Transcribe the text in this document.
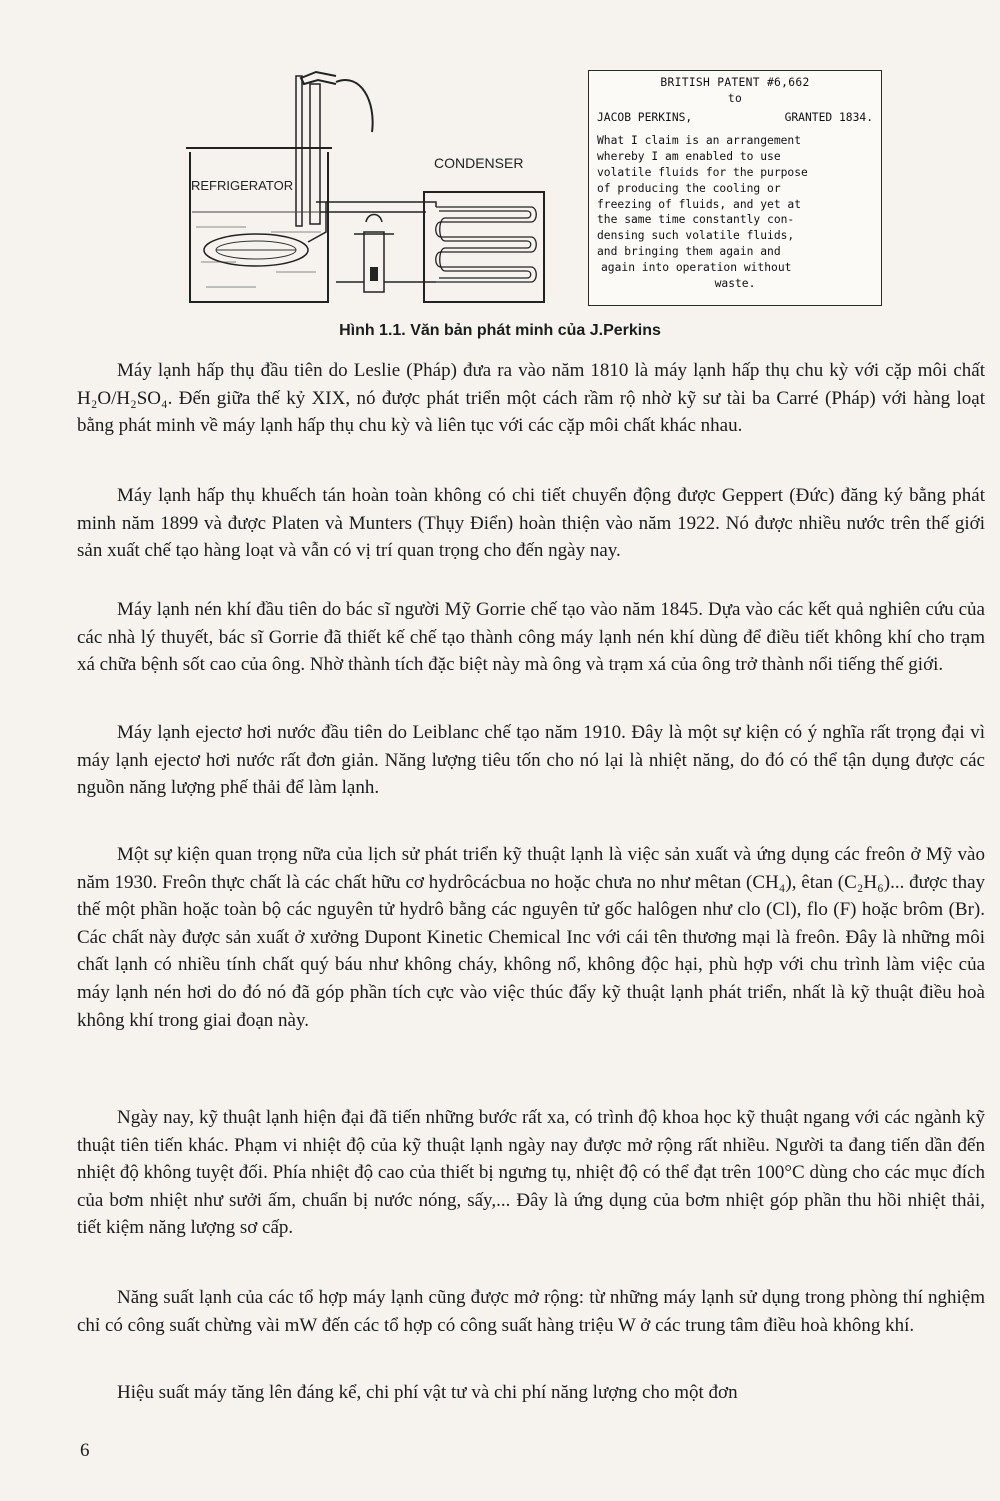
REFRIGERATOR
CONDENSER
BRITISH PATENT #6,662
to
JACOB PERKINS,	GRANTED 1834.
What I claim is an arrangement
whereby I am enabled to use
volatile fluids for the purpose
of producing the cooling or
freezing of fluids, and yet at
the same time constantly con-
densing such volatile fluids,
and bringing them again and
again into operation without
waste.
Hình 1.1. Văn bản phát minh của J.Perkins

Máy lạnh hấp thụ đầu tiên do Leslie (Pháp) đưa ra vào năm 1810 là máy lạnh hấp thụ chu kỳ với cặp môi chất H₂O/H₂SO₄. Đến giữa thế kỷ XIX, nó được phát triển một cách rầm rộ nhờ kỹ sư tài ba Carré (Pháp) với hàng loạt bằng phát minh về máy lạnh hấp thụ chu kỳ và liên tục với các cặp môi chất khác nhau.

Máy lạnh hấp thụ khuếch tán hoàn toàn không có chi tiết chuyển động được Geppert (Đức) đăng ký bằng phát minh năm 1899 và được Platen và Munters (Thụy Điển) hoàn thiện vào năm 1922. Nó được nhiều nước trên thế giới sản xuất chế tạo hàng loạt và vẫn có vị trí quan trọng cho đến ngày nay.

Máy lạnh nén khí đầu tiên do bác sĩ người Mỹ Gorrie chế tạo vào năm 1845. Dựa vào các kết quả nghiên cứu của các nhà lý thuyết, bác sĩ Gorrie đã thiết kế chế tạo thành công máy lạnh nén khí dùng để điều tiết không khí cho trạm xá chữa bệnh sốt cao của ông. Nhờ thành tích đặc biệt này mà ông và trạm xá của ông trở thành nổi tiếng thế giới.

Máy lạnh ejectơ hơi nước đầu tiên do Leiblanc chế tạo năm 1910. Đây là một sự kiện có ý nghĩa rất trọng đại vì máy lạnh ejectơ hơi nước rất đơn giản. Năng lượng tiêu tốn cho nó lại là nhiệt năng, do đó có thể tận dụng được các nguồn năng lượng phế thải để làm lạnh.

Một sự kiện quan trọng nữa của lịch sử phát triển kỹ thuật lạnh là việc sản xuất và ứng dụng các freôn ở Mỹ vào năm 1930. Freôn thực chất là các chất hữu cơ hydrôcácbua no hoặc chưa no như mêtan (CH₄), êtan (C₂H₆)... được thay thế một phần hoặc toàn bộ các nguyên tử hydrô bằng các nguyên tử gốc halôgen như clo (Cl), flo (F) hoặc brôm (Br). Các chất này được sản xuất ở xưởng Dupont Kinetic Chemical Inc với cái tên thương mại là freôn. Đây là những môi chất lạnh có nhiều tính chất quý báu như không cháy, không nổ, không độc hại, phù hợp với chu trình làm việc của máy lạnh nén hơi do đó nó đã góp phần tích cực vào việc thúc đẩy kỹ thuật lạnh phát triển, nhất là kỹ thuật điều hoà không khí trong giai đoạn này.

Ngày nay, kỹ thuật lạnh hiện đại đã tiến những bước rất xa, có trình độ khoa học kỹ thuật ngang với các ngành kỹ thuật tiên tiến khác. Phạm vi nhiệt độ của kỹ thuật lạnh ngày nay được mở rộng rất nhiều. Người ta đang tiến dần đến nhiệt độ không tuyệt đối. Phía nhiệt độ cao của thiết bị ngưng tụ, nhiệt độ có thể đạt trên 100°C dùng cho các mục đích của bơm nhiệt như sưởi ấm, chuẩn bị nước nóng, sấy,... Đây là ứng dụng của bơm nhiệt góp phần thu hồi nhiệt thải, tiết kiệm năng lượng sơ cấp.

Năng suất lạnh của các tổ hợp máy lạnh cũng được mở rộng: từ những máy lạnh sử dụng trong phòng thí nghiệm chỉ có công suất chừng vài mW đến các tổ hợp có công suất hàng triệu W ở các trung tâm điều hoà không khí.

Hiệu suất máy tăng lên đáng kể, chi phí vật tư và chi phí năng lượng cho một đơn

6
